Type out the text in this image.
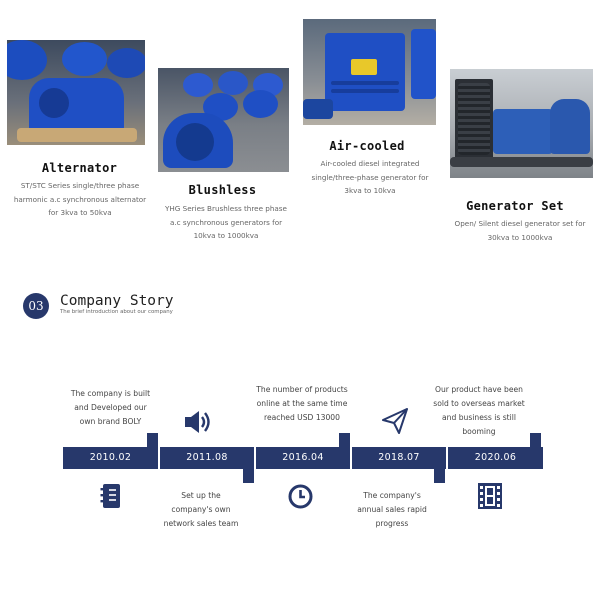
Alternator
ST/STC Series single/three phase
harmonic a.c synchronous alternator
for 3kva to 50kva
Blushless
YHG Series Brushless three phase
a.c synchronous generators for
10kva to 1000kva
Air-cooled
Air-cooled diesel integrated
single/three-phase generator for
3kva to 10kva
Generator Set
Open/ Silent diesel generator set for
30kva to 1000kva
03	Company Story
The brief introduction about our company
2010.02	2011.08	2016.04	2018.07	2020.06
The company is built
and Developed our
own brand BOLY
The number of products
online at the same time
reached USD 13000
Our product have been
sold to overseas market
and business is still
booming
Set up the
company's own
network sales team
The company's
annual sales rapid
progress
